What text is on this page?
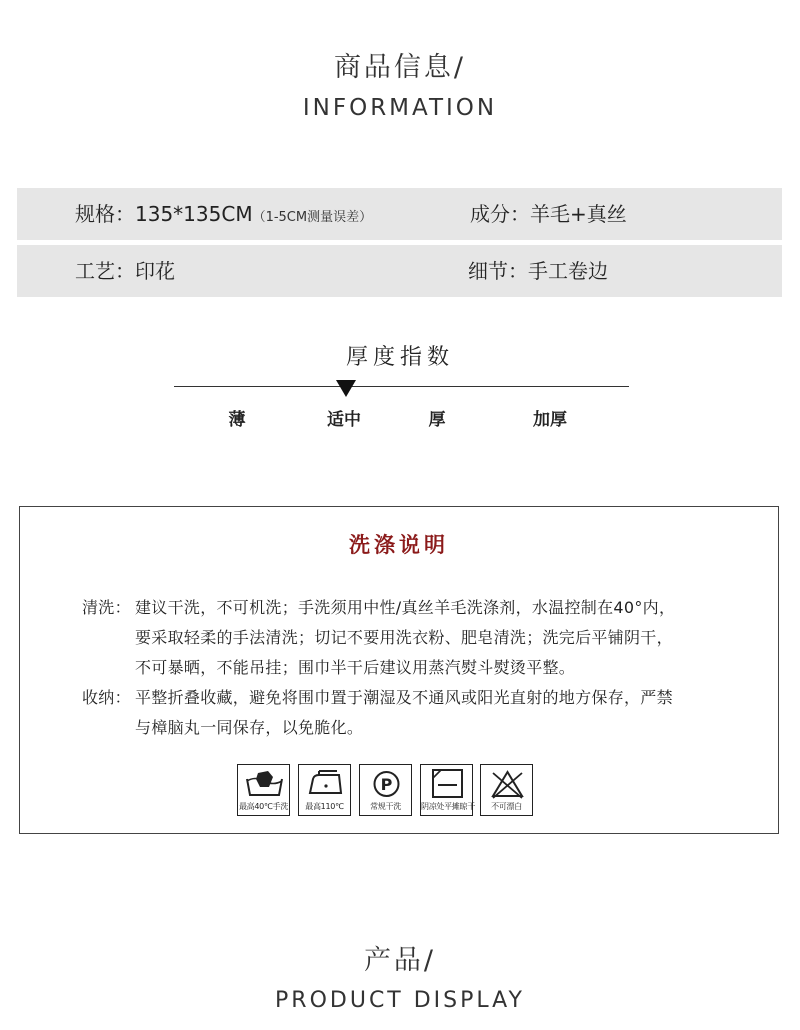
商品信息/
INFORMATION
规格：135*135CM（1-5CM测量误差）	成分：羊毛+真丝
工艺：印花	细节：手工卷边
厚度指数
薄	适中	厚	加厚
洗涤说明
清洗： 建议干洗，不可机洗；手洗须用中性/真丝羊毛洗涤剂，水温控制在40°内，
要采取轻柔的手法清洗；切记不要用洗衣粉、肥皂清洗；洗完后平铺阴干，
不可暴晒，不能吊挂；围巾半干后建议用蒸汽熨斗熨烫平整。
收纳： 平整折叠收藏，避免将围巾置于潮湿及不通风或阳光直射的地方保存，严禁
与樟脑丸一同保存，以免脆化。
最高40℃手洗	最高110℃
P
常规干洗	阴凉处平摊晾干	不可漂白
产品/
PRODUCT DISPLAY
